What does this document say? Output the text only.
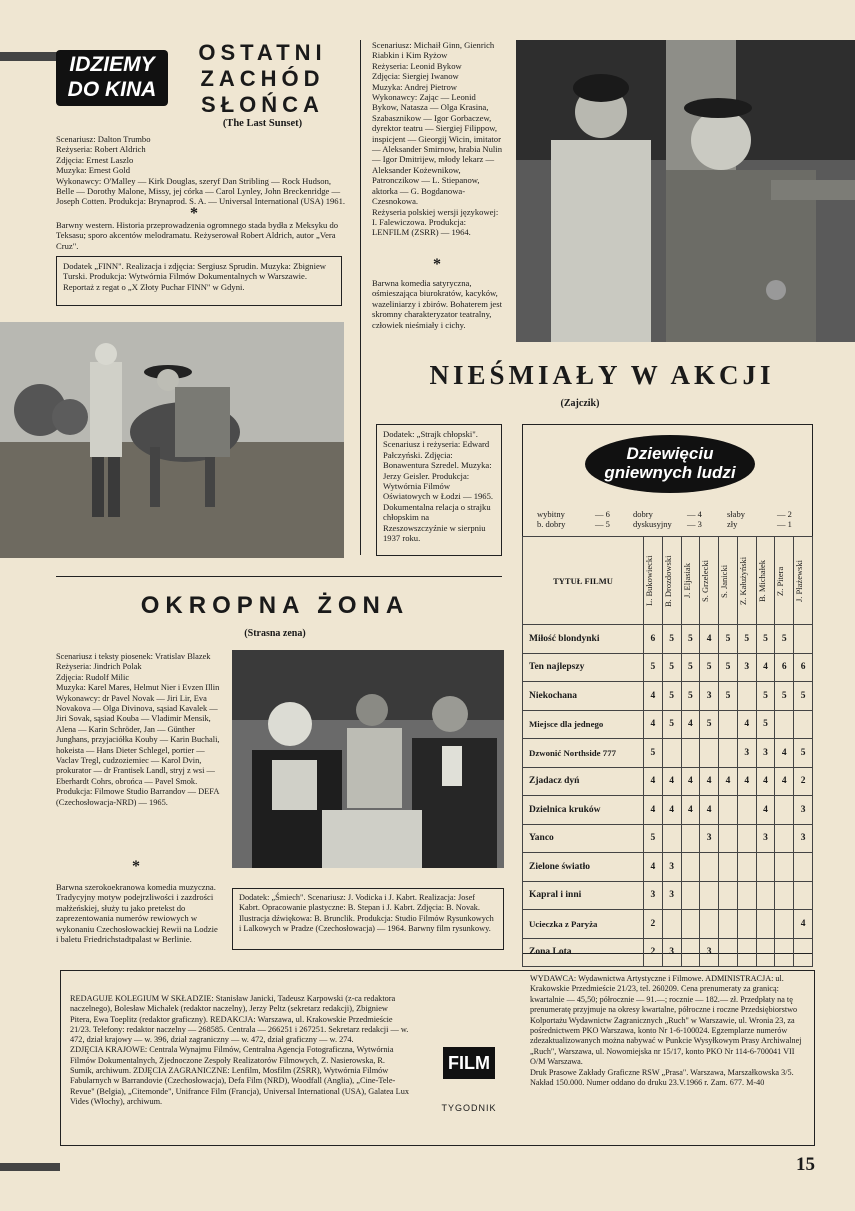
IDZIEMY
DO KINA
OSTATNI
ZACHÓD
SŁOŃCA
(The Last Sunset)
Scenariusz: Dalton Trumbo
Reżyseria: Robert Aldrich
Zdjęcia: Ernest Laszlo
Muzyka: Ernest Gold
Wykonawcy: O'Malley — Kirk Douglas, szeryf Dan Stribling — Rock Hudson, Belle — Dorothy Malone, Missy, jej córka — Carol Lynley, John Breckenridge — Joseph Cotten. Produkcja: Brynaprod. S. A. — Universal International (USA) 1961.
*
Barwny western. Historia przeprowadzenia ogromnego stada bydła z Meksyku do Teksasu; sporo akcentów melodramatu. Reżyserował Robert Aldrich, autor „Vera Cruz".
Dodatek „FINN". Realizacja i zdjęcia: Sergiusz Sprudin. Muzyka: Zbigniew Turski. Produkcja: Wytwórnia Filmów Dokumentalnych w Warszawie. Reportaż z regat o „X Złoty Puchar FINN" w Gdyni.
OKROPNA ŻONA
(Strasna zena)
Scenariusz i teksty piosenek: Vratislav Blazek
Reżyseria: Jindrich Polak
Zdjęcia: Rudolf Milic
Muzyka: Karel Mares, Helmut Nier i Evzen Illin
Wykonawcy: dr Pavel Novak — Jiri Lir, Eva Novakova — Olga Divinova, sąsiad Kavalek — Jiri Sovak, sąsiad Kouba — Vladimir Mensik, Alena — Karin Schröder, Jan — Günther Junghans, przyjaciółka Kouby — Karin Buchali, hokeista — Hans Dieter Schlegel, portier — Vaclav Tregl, cudzoziemiec — Karol Dvin, prokurator — dr Frantisek Landl, stryj z wsi — Eberhardt Cohrs, obrońca — Pavel Smok.
Produkcja: Filmowe Studio Barrandov — DEFA (Czechosłowacja-NRD) — 1965.
*
Barwna szerokoekranowa komedia muzyczna. Tradycyjny motyw podejrzliwości i zazdrości małżeńskiej, służy tu jako pretekst do zaprezentowania numerów rewiowych w wykonaniu Czechosłowackiej Rewii na Lodzie i baletu Friedrichstadtpalast w Berlinie.
Dodatek: „Śmiech". Scenariusz: J. Vodicka i J. Kabrt. Realizacja: Josef Kabrt. Opracowanie plastyczne: B. Stepan i J. Kabrt. Zdjęcia: B. Novak. Ilustracja dźwiękowa: B. Brunclik. Produkcja: Studio Filmów Rysunkowych i Lalkowych w Pradze (Czechosłowacja) — 1964. Barwny film rysunkowy.
Scenariusz: Michaił Ginn, Gienrich Riabkin i Kim Ryżow
Reżyseria: Leonid Bykow
Zdjęcia: Siergiej Iwanow
Muzyka: Andrej Pietrow
Wykonawcy: Zając — Leonid Bykow, Natasza — Olga Krasina, Szabasznikow — Igor Gorbaczew, dyrektor teatru — Siergiej Filippow, inspicjent — Gieorgij Wicin, imitator — Aleksander Smirnow, hrabia Nulin — Igor Dmitrijew, młody lekarz — Aleksander Kożewnikow, Patronczikow — L. Stiepanow, aktorka — G. Bogdanowa-Czesnokowa.
Reżyseria polskiej wersji językowej: I. Falewiczowa. Produkcja: LENFILM (ZSRR) — 1964.
*
Barwna komedia satyryczna, ośmieszająca biurokratów, kacyków, wazeliniarzy i zbirów. Bohaterem jest skromny charakteryzator teatralny, człowiek nieśmiały i cichy.
NIEŚMIAŁY W AKCJI
(Zajczik)
Dodatek: „Strajk chłopski". Scenariusz i reżyseria: Edward Pałczyński. Zdjęcia: Bonawentura Szredel. Muzyka: Jerzy Geisler. Produkcja: Wytwórnia Filmów Oświatowych w Łodzi — 1965. Dokumentalna relacja o strajku chłopskim na Rzeszowszczyźnie w sierpniu 1937 roku.
Dziewięciu
gniewnych ludzi
wybitny	— 6	dobry	— 4	słaby	— 2
b. dobry	— 5	dyskusyjny — 3	zły	— 1
TYTUŁ FILMU	L. Bukowiecki	B. Drozdowski	J. Eljasiak	S. Grzelecki	S. Janicki	Z. Kałużyński	B. Michałek	Z. Pitera	J. Płażewski

Miłość blondynki	6	5	5	4	5	5	5	5	
Ten najlepszy	5	5	5	5	5	3	4	6	6
Niekochana	4	5	5	3	5		5	5	5
Miejsce dla jednego	4	5	4	5		4	5		
Dzwonić Northside 777	5					3	3	4	5
Zjadacz dyń	4	4	4	4	4	4	4	4	2
Dzielnica kruków	4	4	4	4			4		3
Yanco	5			3			3		3
Zielone światło	4	3							
Kapral i inni	3	3							
Ucieczka z Paryża	2								4
Zona Lota	2	3		3					
REDAGUJE KOLEGIUM W SKŁADZIE: Stanisław Janicki, Tadeusz Karpowski (z-ca redaktora naczelnego), Bolesław Michałek (redaktor naczelny), Jerzy Peltz (sekretarz redakcji), Zbigniew Pitera, Ewa Toeplitz (redaktor graficzny). REDAKCJA: Warszawa, ul. Krakowskie Przedmieście 21/23. Telefony: redaktor naczelny — 268585. Centrala — 266251 i 267251. Sekretarz redakcji — w. 472, dział krajowy — w. 396, dział zagraniczny — w. 472, dział graficzny — w. 274.
ZDJĘCIA KRAJOWE: Centrala Wynajmu Filmów, Centralna Agencja Fotograficzna, Wytwórnia Filmów Dokumentalnych, Zjednoczone Zespoły Realizatorów Filmowych, Z. Nasierowska, R. Sumik, archiwum. ZDJĘCIA ZAGRANICZNE: Lenfilm, Mosfilm (ZSRR), Wytwórnia Filmów Fabularnych w Barrandovie (Czechosłowacja), Defa Film (NRD), Woodfall (Anglia), „Cine-Tele-Revue" (Belgia), „Citemonde", Unifrance Film (Francja), Universal International (USA), Galatea Lux Vides (Włochy), archiwum.
FILM
TYGODNIK
WYDAWCA: Wydawnictwa Artystyczne i Filmowe. ADMINISTRACJA: ul. Krakowskie Przedmieście 21/23, tel. 260209. Cena prenumeraty za granicą: kwartalnie — 45,50; półrocznie — 91.—; rocznie — 182.— zł. Przedpłaty na tę prenumeratę przyjmuje na okresy kwartalne, półroczne i roczne Przedsiębiorstwo Kolportażu Wydawnictw Zagranicznych „Ruch" w Warszawie, ul. Wronia 23, za pośrednictwem PKO Warszawa, konto Nr 1-6-100024. Egzemplarze numerów zdezaktualizowanych można nabywać w Punkcie Wysyłkowym Prasy Archiwalnej „Ruch", Warszawa, ul. Nowomiejska nr 15/17, konto PKO Nr 114-6-700041 VII O/M Warszawa.
Druk Prasowe Zakłady Graficzne RSW „Prasa". Warszawa, Marszałkowska 3/5. Nakład 150.000. Numer oddano do druku 23.V.1966 r. Zam. 677. M-40
15
